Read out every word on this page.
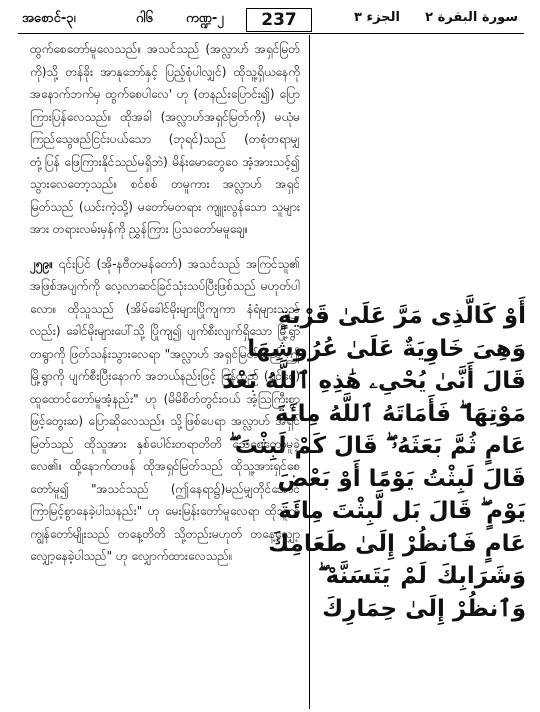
အစောင်-၃၊	ဂါ၆	ကဏ္ဍ-၂	237	الجزء ٣ سورة البقرة ٢

ထွက်စေတော်မူလေသည်။ အသင်သည် (အလ္လာဟ် အရှင်မြတ်ကို)သို့ တန်ခိုး အာနုဘော်နှင့် ပြည့်စုံပါလျှင်) ထိုသူ့ရှိယနေကို အနောက်ဘက်မှ ထွက်စေပါလေ' ဟု (တနည်းပြောင်း၍) ပြောကြားပြန်လေသည်။ ထိုအခါ (အလ္လာဟ်အရှင်မြတ်ကို) မယုံမကြည်သွေဖည်ငြင်းပယ်သော (ဘုရင်)သည် (တစုံတရာမျှ တုံ့ပြန် ဖြေကြားနိုင်သည်မရှိဘဲ) မိန်းမောတွေဝေ အံ့အားသင့်၍ သွားလေတော့သည်။ စင်စစ် တမူကား အလ္လာဟ် အရှင်မြတ်သည် (ယင်းကဲ့သို့) မတော်မတရား ကျူးလွန်သော သူများအား တရားလမ်းမှန်ကို ညွှန်ကြား ပြသတော်မမူချေ။

၂၅၉။ ၎င်းပြင် (အို-နဗီတမန်တော်) အသင်သည် အကြင်သူ၏ အဖြစ်အပျက်ကို လေ့လာဆင်ခြင်သုံးသပ်ပြီးဖြစ်သည် မဟုတ်ပါလော။ ထိုသူသည် (အိမ်ခေါင်မိုးများပြိုကျကာ နံရံများသည်လည်း) ခေါင်မိုးများပေါ်သို့ ပြိုကျ၍ ပျက်စီးလျက်ရှိသော မြို့ရွာတရွာကို ဖြတ်သန်းသွားလေရာ "အလ္လာဟ် အရှင်မြတ်သည် ဤမြို့ရွာကို ပျက်စီးပြီးနောက် အဘယ်နည်းဖြင့် ပြန်လည် (ရှင်စေ) ထူထောင်တော်မူအံ့နည်း" ဟု (မိမိစိတ်တွင်းဝယ် အံ့ဩကြီးစွာဖြင့်တွေးဆ) ပြောဆိုလေသည်။ သို့ဖြစ်ပေရာ အလ္လာဟ် အရှင်မြတ်သည် ထိုသူအား နှစ်ပေါင်းတရာတိတိ သေစေတော်မူခဲ့လေ၏။ ထို့နောက်တဖန် ထိုအရှင်မြတ်သည် ထိုသူ့အားရှင်စေတော်မူ၍ "အသင်သည် (ဤနေရာ၌)မည်မျှတိုင်အောင် ကြာမြင့်စွာနေခဲ့ပါသနည်း" ဟု မေးမြန်းတော်မူလေရာ ထိုသူက ကျွန်တော်မျိုးသည် တနေ့တိတိ သို့တည်းမဟုတ် တနေ့လျှော့လျှော့နေခဲ့ပါသည်" ဟု လျှောက်ထားလေသည်။

أَوْ كَالَّذِى مَرَّ عَلَىٰ قَرْيَةٍ
وَهِىَ خَاوِيَةٌ عَلَىٰ عُرُوشِهَا
قَالَ أَنَّىٰ يُحْىِۦ هَٰذِهِ ٱللَّهُ بَعْدَ
مَوْتِهَا ۖ فَأَمَاتَهُ ٱللَّهُ مِائَةَ
عَامٍ ثُمَّ بَعَثَهُۥ ۖ قَالَ كَمْ لَبِثْتَ ۖ
قَالَ لَبِثْتُ يَوْمًا أَوْ بَعْضَ
يَوْمٍ ۖ قَالَ بَل لَّبِثْتَ مِائَةَ
عَامٍ فَٱنظُرْ إِلَىٰ طَعَامِكَ
وَشَرَابِكَ لَمْ يَتَسَنَّهْ ۖ
وَٱنظُرْ إِلَىٰ حِمَارِكَ
